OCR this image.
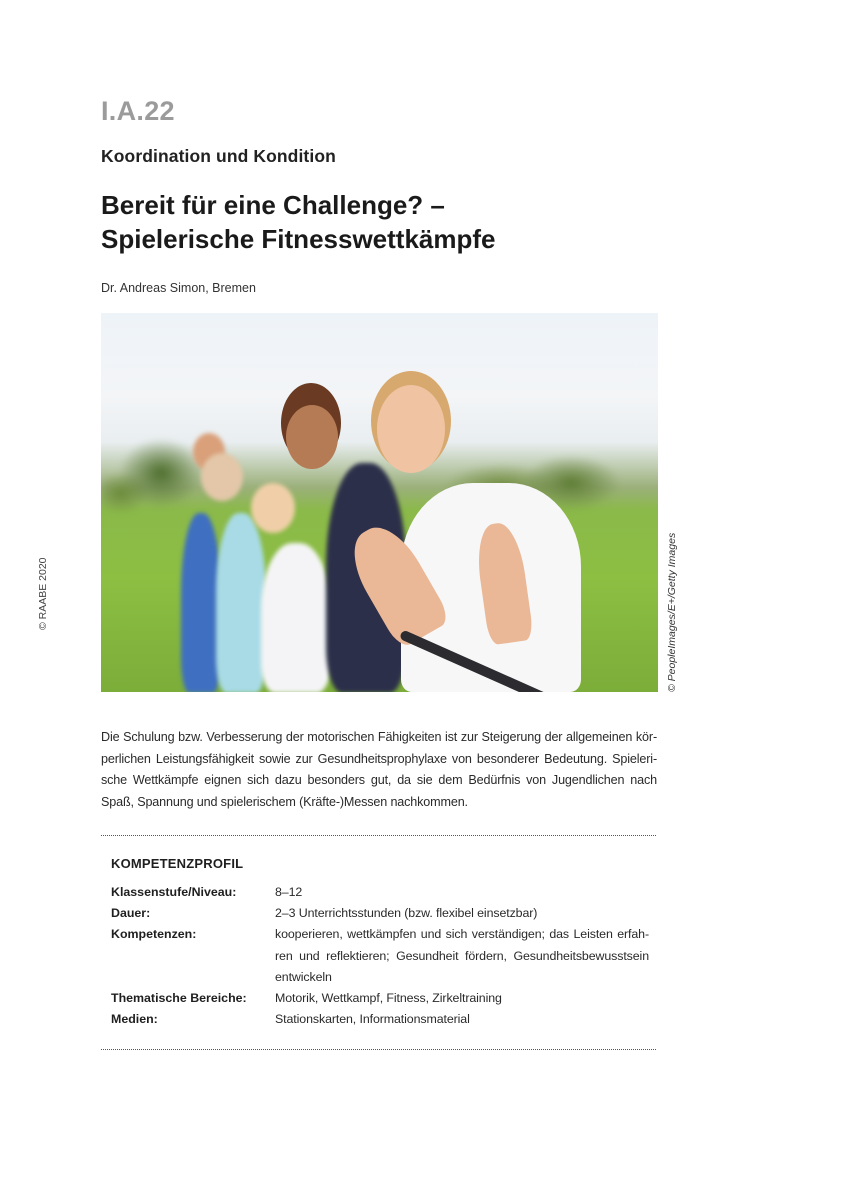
I.A.22
Koordination und Kondition
Bereit für eine Challenge? –
Spielerische Fitnesswettkämpfe
Dr. Andreas Simon, Bremen
© PeopleImages/E+/Getty Images
© RAABE 2020

Die Schulung bzw. Verbesserung der motorischen Fähigkeiten ist zur Steigerung der allgemeinen kör-perlichen Leistungsfähigkeit sowie zur Gesundheitsprophylaxe von besonderer Bedeutung. Spieleri-sche Wettkämpfe eignen sich dazu besonders gut, da sie dem Bedürfnis von Jugendlichen nach Spaß, Spannung und spielerischem (Kräfte-)Messen nachkommen.

KOMPETENZPROFIL
Klassenstufe/Niveau:	8–12
Dauer:	2–3 Unterrichtsstunden (bzw. flexibel einsetzbar)
Kompetenzen:	kooperieren, wettkämpfen und sich verständigen; das Leisten erfah-ren und reflektieren; Gesundheit fördern, Gesundheitsbewusstsein entwickeln
Thematische Bereiche:	Motorik, Wettkampf, Fitness, Zirkeltraining
Medien:	Stationskarten, Informationsmaterial
